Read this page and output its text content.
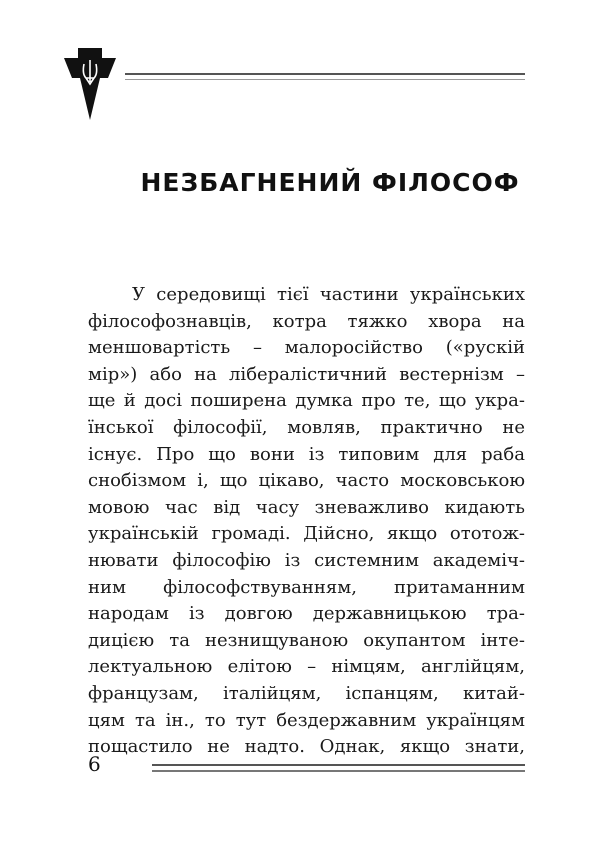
НЕЗБАГНЕНИЙ ФІЛОСОФ
У середовищі тієї частини українських
філософознавців, котра тяжко хвора на
меншовартість – малоросійство («рускій
мір») або на лібералістичний вестернізм –
ще й досі поширена думка про те, що укра-
їнської філософії, мовляв, практично не
існує. Про що вони із типовим для раба
снобізмом і, що цікаво, часто московською
мовою час від часу зневажливо кидають
українській громаді. Дійсно, якщо ототож-
нювати філософію із системним академіч-
ним філософствуванням, притаманним
народам із довгою державницькою тра-
дицією та незнищуваною окупантом інте-
лектуальною елітою – німцям, англійцям,
французам, італійцям, іспанцям, китай-
цям та ін., то тут бездержавним українцям
пощастило не надто. Однак, якщо знати,
6
